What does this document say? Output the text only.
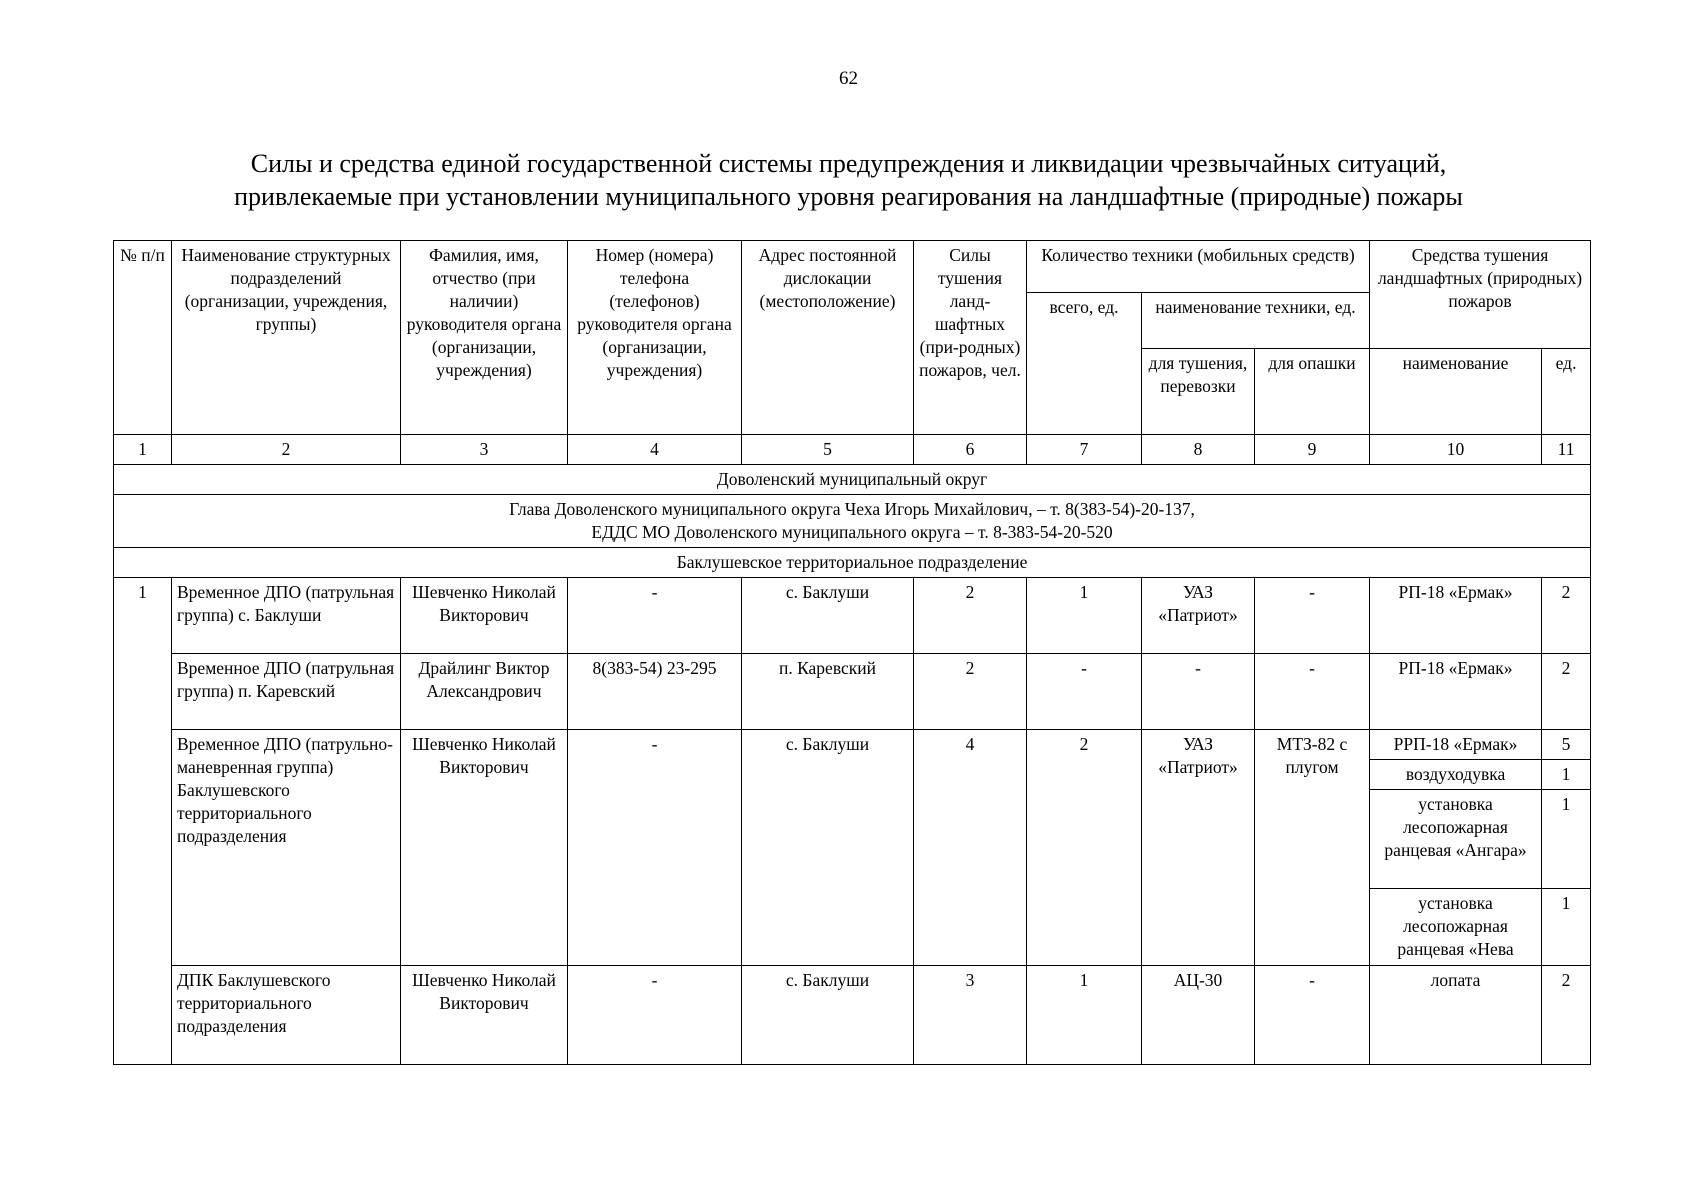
62
Силы и средства единой государственной системы предупреждения и ликвидации чрезвычайных ситуаций,
привлекаемые при установлении муниципального уровня реагирования на ландшафтные (природные) пожары
№ п/п	Наименование структурных подразделений (организации, учреждения, группы)	Фамилия, имя, отчество (при наличии) руководителя органа (организации, учреждения)	Номер (номера) телефона (телефонов) руководителя органа (организации, учреждения)	Адрес постоянной дислокации (местоположение)	Силы тушения ланд-шафтных (при-родных) пожаров, чел.	Количество техники (мобильных средств)			Средства тушения ландшафтных (природных) пожаров	
						всего, ед.	наименование техники, ед.			
							для тушения, перевозки	для опашки	наименование	ед.
1	2	3	4	5	6	7	8	9	10	11
Доволенский муниципальный округ										

Глава Доволенского муниципального округа Чеха Игорь Михайлович, – т. 8(383-54)-20-137,
ЕДДС МО Доволенского муниципального округа – т. 8-383-54-20-520										

Баклушевское территориальное подразделение										
1	Временное ДПО (патрульная группа) с. Баклуши	Шевченко Николай Викторович	-	с. Баклуши	2	1	УАЗ «Патриот»	-	РП-18 «Ермак»	2
	Временное ДПО (патрульная группа) п. Каревский	Драйлинг Виктор Александрович	8(383-54) 23-295	п. Каревский	2	-	-	-	РП-18 «Ермак»	2
	Временное ДПО (патрульно-маневренная группа) Баклушевского территориального подразделения	Шевченко Николай Викторович	-	с. Баклуши	4	2	УАЗ «Патриот»	МТЗ-82 с плугом	РРП-18 «Ермак»	5
									воздуходувка	1
									установка лесопожарная ранцевая «Ангара»	1
									установка лесопожарная ранцевая «Нева	1
	ДПК Баклушевского территориального подразделения	Шевченко Николай Викторович	-	с. Баклуши	3	1	АЦ-30	-	лопата	2
